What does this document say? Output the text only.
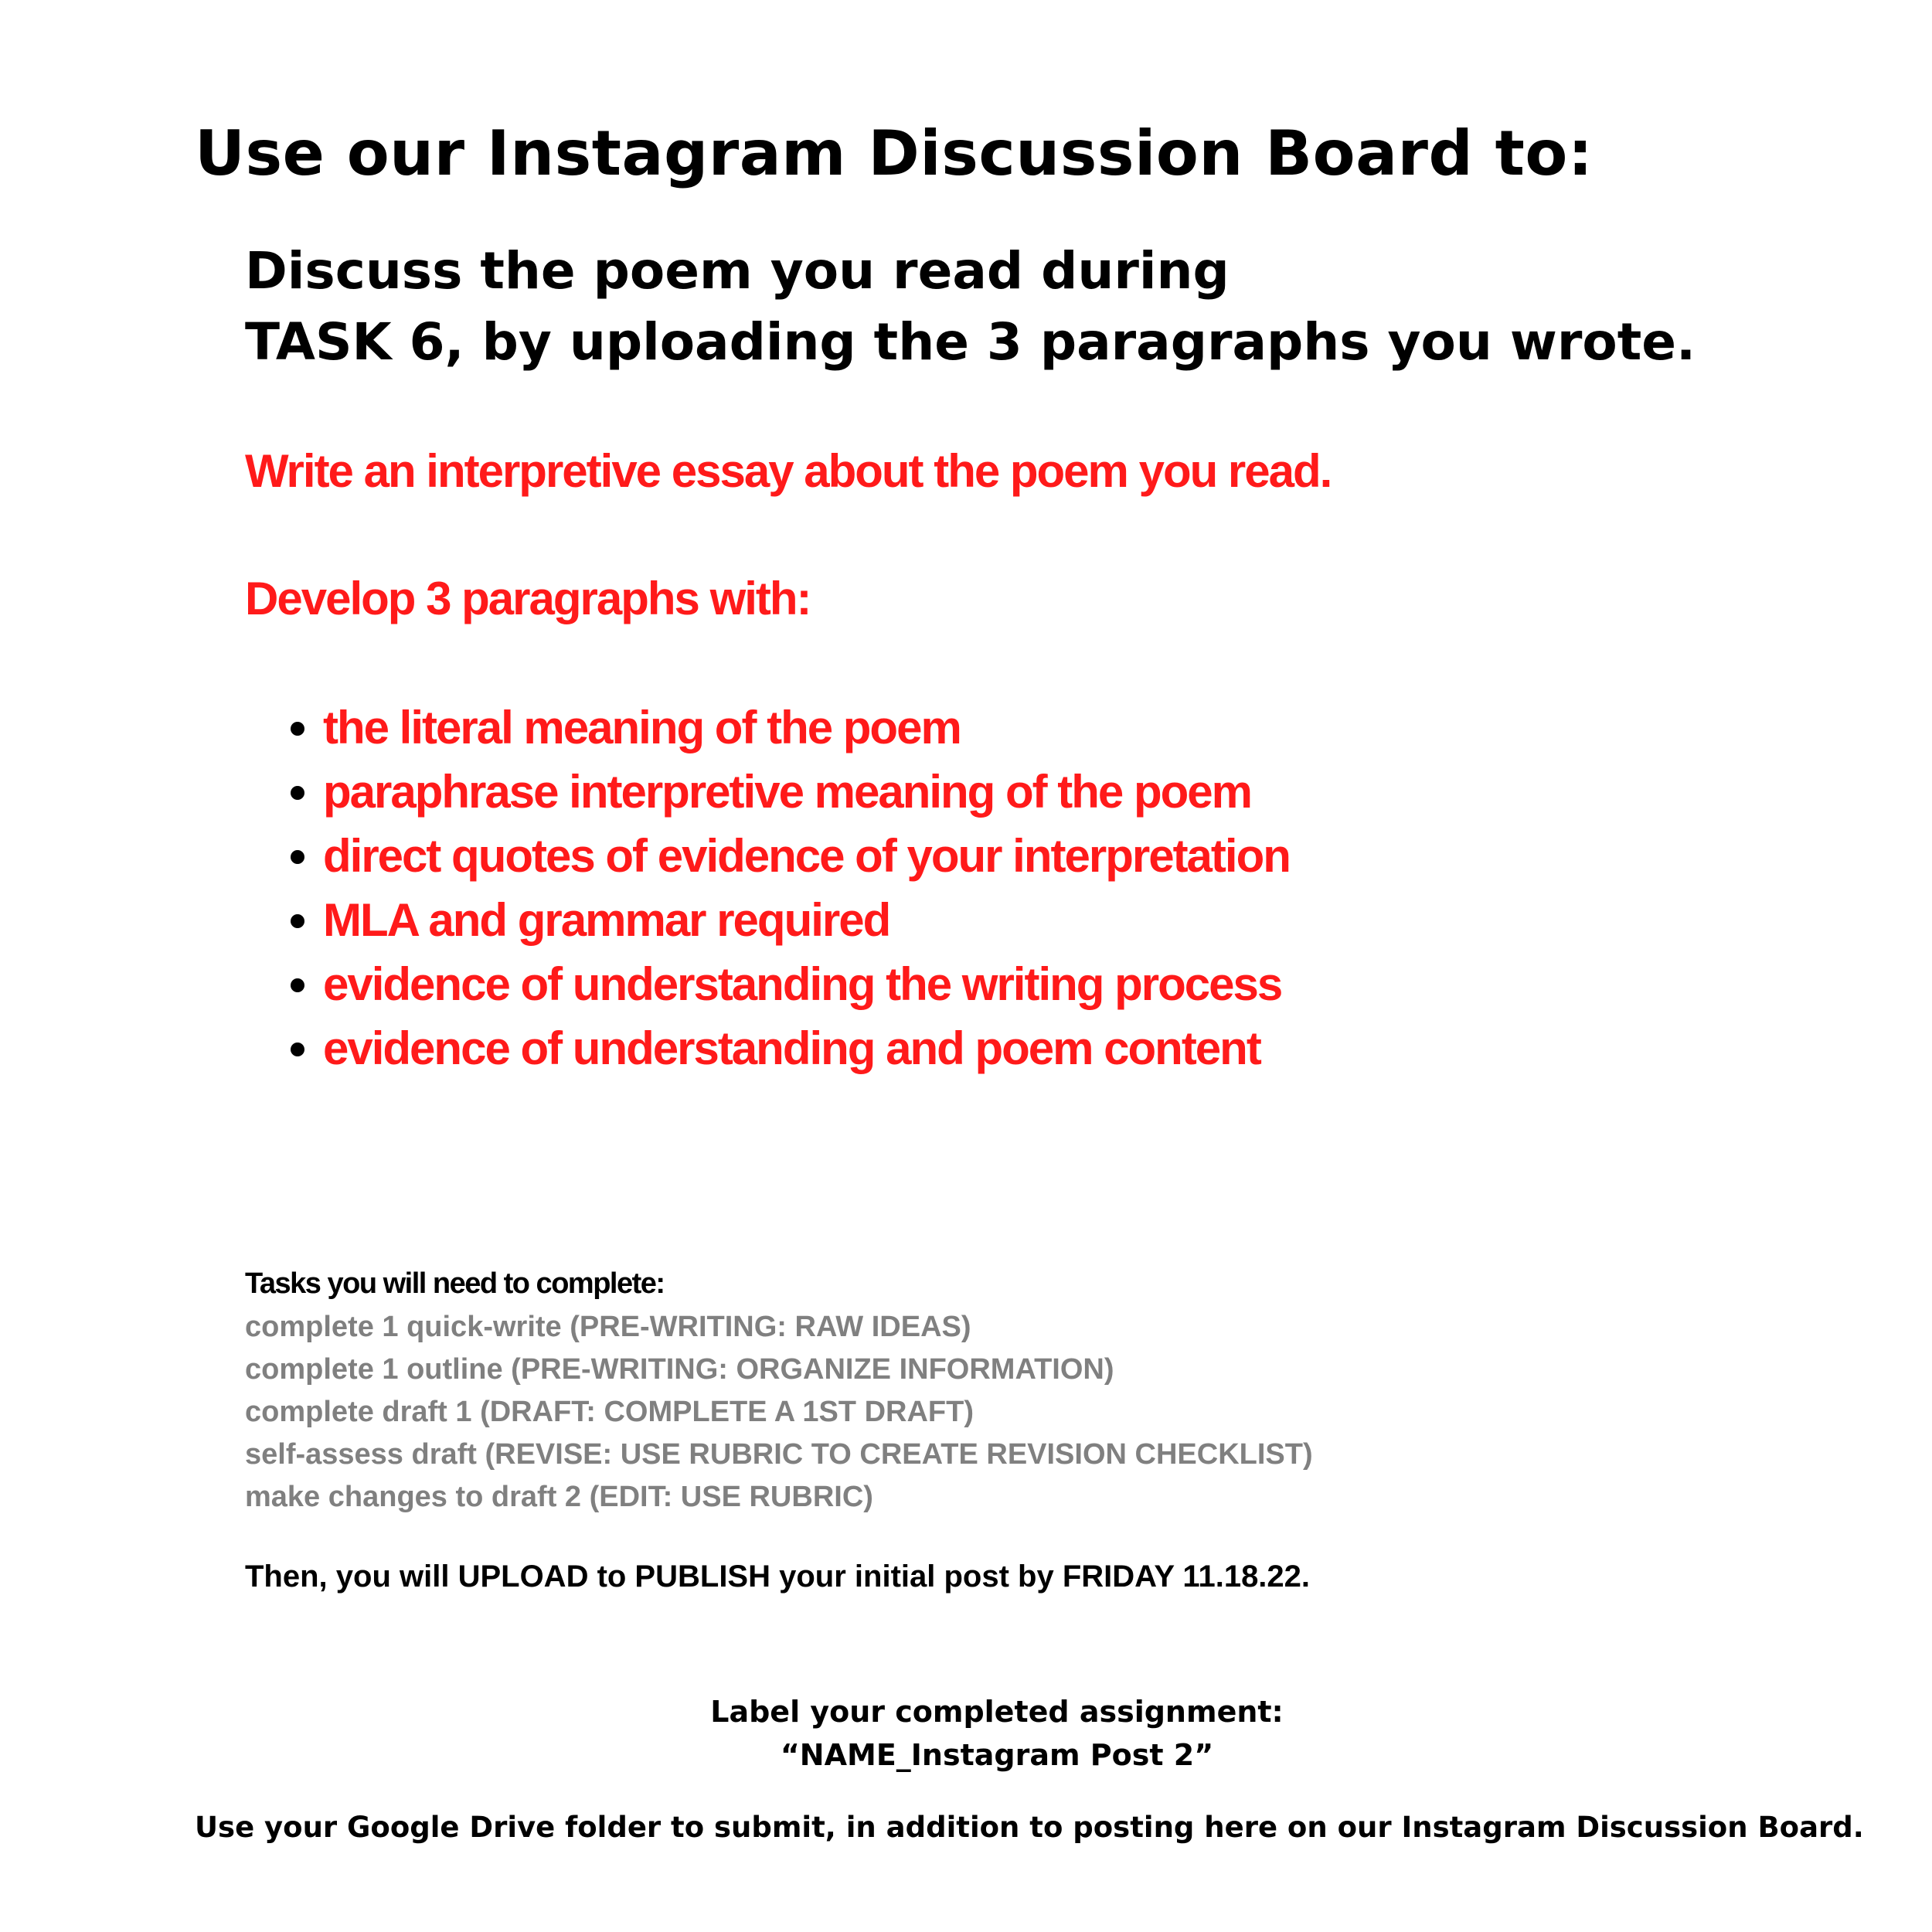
Use our Instagram Discussion Board to:
Discuss the poem you read during
TASK 6, by uploading the 3 paragraphs you wrote.
Write an interpretive essay about the poem you read.
Develop 3 paragraphs with:
the literal meaning of the poem
paraphrase interpretive meaning of the poem
direct quotes of evidence of your interpretation
MLA and grammar required
evidence of understanding the writing process
evidence of understanding and poem content
Tasks you will need to complete:
complete 1 quick-write (PRE-WRITING: RAW IDEAS)
complete 1 outline (PRE-WRITING: ORGANIZE INFORMATION)
complete draft 1 (DRAFT: COMPLETE A 1ST DRAFT)
self-assess draft (REVISE: USE RUBRIC TO CREATE REVISION CHECKLIST)
make changes to draft 2 (EDIT: USE RUBRIC)
Then, you will UPLOAD to PUBLISH your initial post by FRIDAY 11.18.22.
Label your completed assignment:
“NAME_Instagram Post 2”
Use your Google Drive folder to submit, in addition to posting here on our Instagram Discussion Board.
